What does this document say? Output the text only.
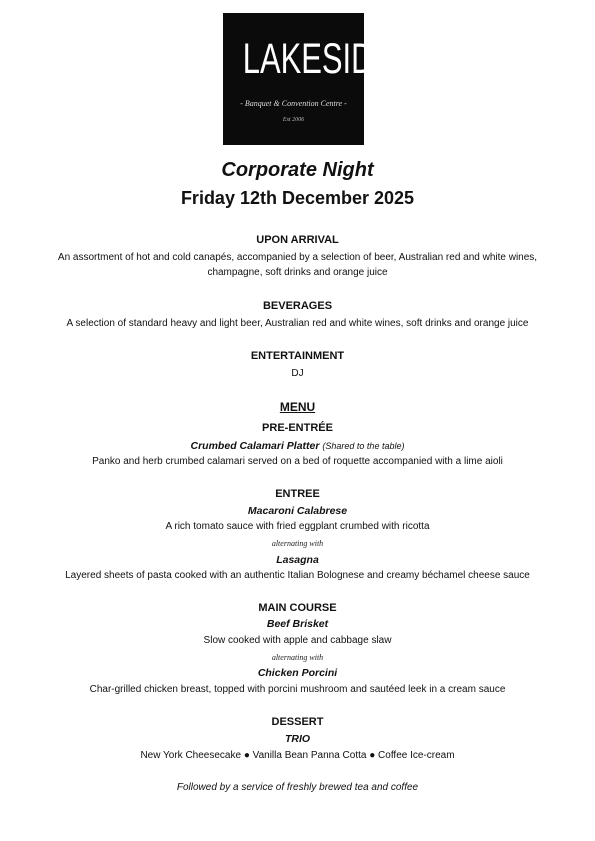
LAKESIDE
- Banquet & Convention Centre -
Est 2006
Corporate Night
Friday 12th December 2025
UPON ARRIVAL
An assortment of hot and cold canapés, accompanied by a selection of beer, Australian red and white wines,
champagne, soft drinks and orange juice
BEVERAGES
A selection of standard heavy and light beer, Australian red and white wines, soft drinks and orange juice
ENTERTAINMENT
DJ
MENU
PRE-ENTRÉE
Crumbed Calamari Platter (Shared to the table)
Panko and herb crumbed calamari served on a bed of roquette accompanied with a lime aioli
ENTREE
Macaroni Calabrese
A rich tomato sauce with fried eggplant crumbed with ricotta
alternating with
Lasagna
Layered sheets of pasta cooked with an authentic Italian Bolognese and creamy béchamel cheese sauce
MAIN COURSE
Beef Brisket
Slow cooked with apple and cabbage slaw
alternating with
Chicken Porcini
Char-grilled chicken breast, topped with porcini mushroom and sautéed leek in a cream sauce
DESSERT
TRIO
New York Cheesecake ● Vanilla Bean Panna Cotta ● Coffee Ice-cream
Followed by a service of freshly brewed tea and coffee
